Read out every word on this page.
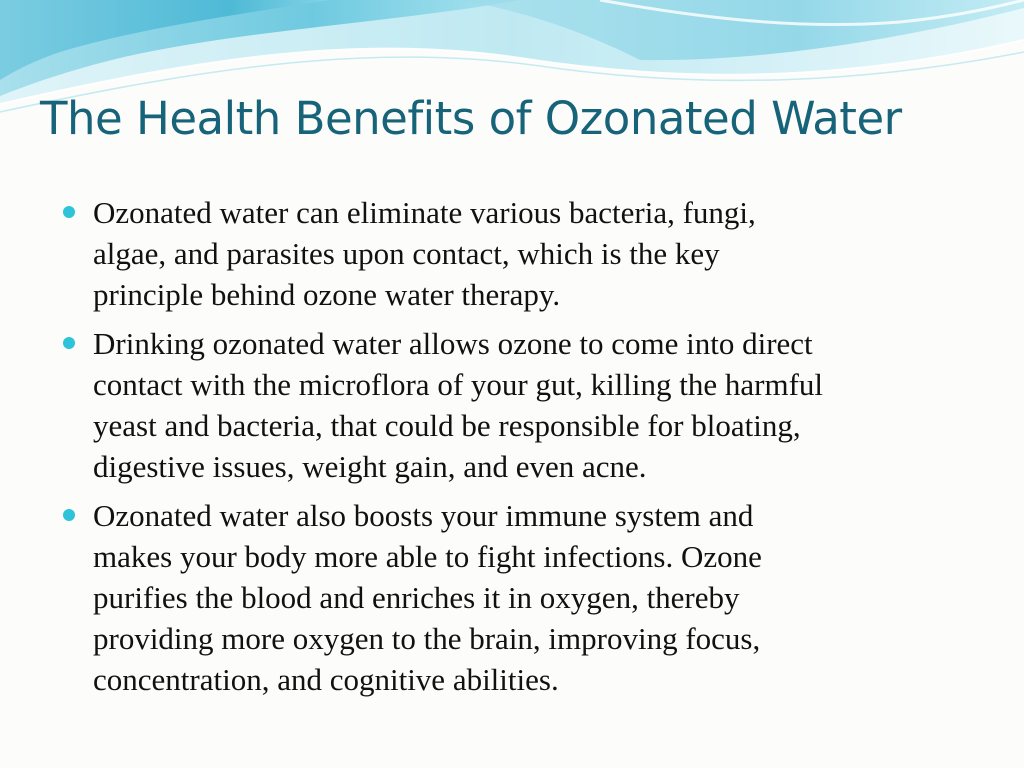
The Health Benefits of Ozonated Water
Ozonated water can eliminate various bacteria, fungi,
algae, and parasites upon contact, which is the key
principle behind ozone water therapy.
Drinking ozonated water allows ozone to come into direct
contact with the microflora of your gut, killing the harmful
yeast and bacteria, that could be responsible for bloating,
digestive issues, weight gain, and even acne.
Ozonated water also boosts your immune system and
makes your body more able to fight infections. Ozone
purifies the blood and enriches it in oxygen, thereby
providing more oxygen to the brain, improving focus,
concentration, and cognitive abilities.
